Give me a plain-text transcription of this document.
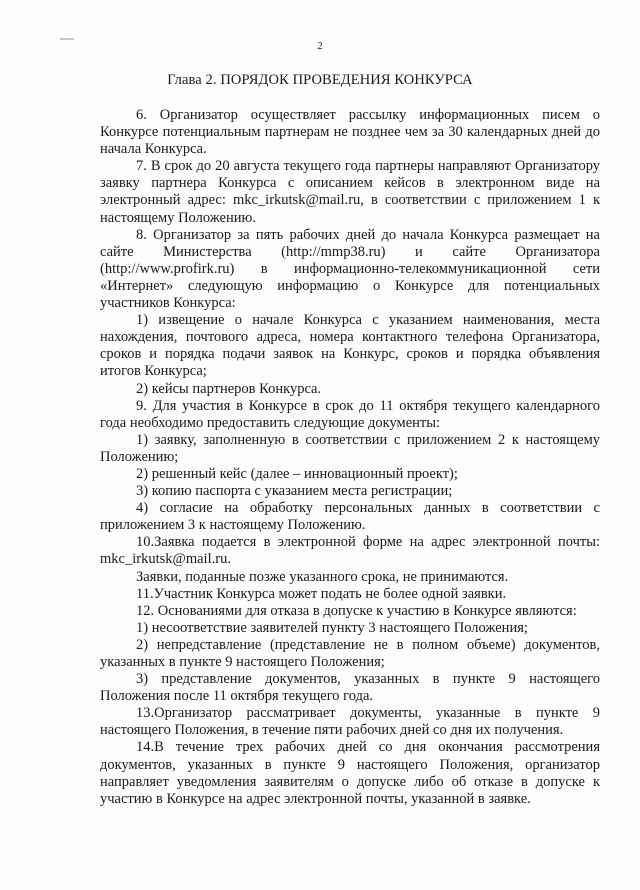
2
Глава 2. ПОРЯДОК ПРОВЕДЕНИЯ КОНКУРСА

6. Организатор осуществляет рассылку информационных писем о Конкурсе потенциальным партнерам не позднее чем за 30 календарных дней до начала Конкурса.

7. В срок до 20 августа текущего года партнеры направляют Организатору заявку партнера Конкурса с описанием кейсов в электронном виде на электронный адрес: mkc_irkutsk@mail.ru, в соответствии с приложением 1 к настоящему Положению.

8. Организатор за пять рабочих дней до начала Конкурса размещает на сайте Министерства (http://mmp38.ru) и сайте Организатора (http://www.profirk.ru) в информационно-телекоммуникационной сети «Интернет» следующую информацию о Конкурсе для потенциальных участников Конкурса:

1) извещение о начале Конкурса с указанием наименования, места нахождения, почтового адреса, номера контактного телефона Организатора, сроков и порядка подачи заявок на Конкурс, сроков и порядка объявления итогов Конкурса;

2) кейсы партнеров Конкурса.

9. Для участия в Конкурсе в срок до 11 октября текущего календарного года необходимо предоставить следующие документы:

1) заявку, заполненную в соответствии с приложением 2 к настоящему Положению;

2) решенный кейс (далее – инновационный проект);

3) копию паспорта с указанием места регистрации;

4) согласие на обработку персональных данных в соответствии с приложением 3 к настоящему Положению.

10.Заявка подается в электронной форме на адрес электронной почты: mkc_irkutsk@mail.ru.

Заявки, поданные позже указанного срока, не принимаются.

11.Участник Конкурса может подать не более одной заявки.

12. Основаниями для отказа в допуске к участию в Конкурсе являются:

1) несоответствие заявителей пункту 3 настоящего Положения;

2) непредставление (представление не в полном объеме) документов, указанных в пункте 9 настоящего Положения;

3) представление документов, указанных в пункте 9 настоящего Положения после 11 октября текущего года.

13.Организатор рассматривает документы, указанные в пункте 9 настоящего Положения, в течение пяти рабочих дней со дня их получения.

14.В течение трех рабочих дней со дня окончания рассмотрения документов, указанных в пункте 9 настоящего Положения, организатор направляет уведомления заявителям о допуске либо об отказе в допуске к участию в Конкурсе на адрес электронной почты, указанной в заявке.
